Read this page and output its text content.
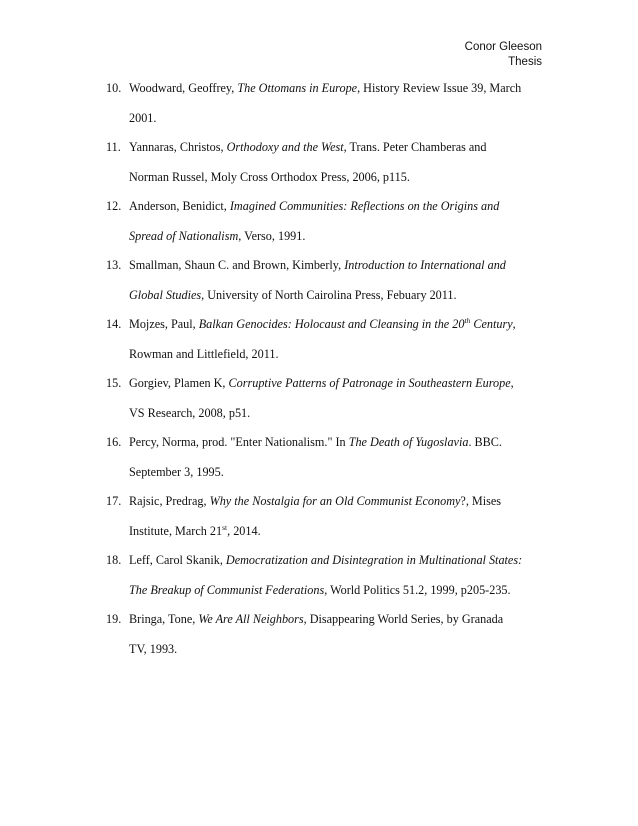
Conor Gleeson
Thesis
10. Woodward, Geoffrey, The Ottomans in Europe, History Review Issue 39, March
2001.
11. Yannaras, Christos, Orthodoxy and the West, Trans. Peter Chamberas and
Norman Russel, Moly Cross Orthodox Press, 2006, p115.
12. Anderson, Benidict, Imagined Communities: Reflections on the Origins and
Spread of Nationalism, Verso, 1991.
13. Smallman, Shaun C. and Brown, Kimberly, Introduction to International and
Global Studies, University of North Cairolina Press, Febuary 2011.
14. Mojzes, Paul, Balkan Genocides: Holocaust and Cleansing in the 20th Century,
Rowman and Littlefield, 2011.
15. Gorgiev, Plamen K, Corruptive Patterns of Patronage in Southeastern Europe,
VS Research, 2008, p51.
16. Percy, Norma, prod. "Enter Nationalism." In The Death of Yugoslavia. BBC.
September 3, 1995.
17. Rajsic, Predrag, Why the Nostalgia for an Old Communist Economy?, Mises
Institute, March 21st, 2014.
18. Leff, Carol Skanik, Democratization and Disintegration in Multinational States:
The Breakup of Communist Federations, World Politics 51.2, 1999, p205-235.
19. Bringa, Tone, We Are All Neighbors, Disappearing World Series, by Granada
TV, 1993.
